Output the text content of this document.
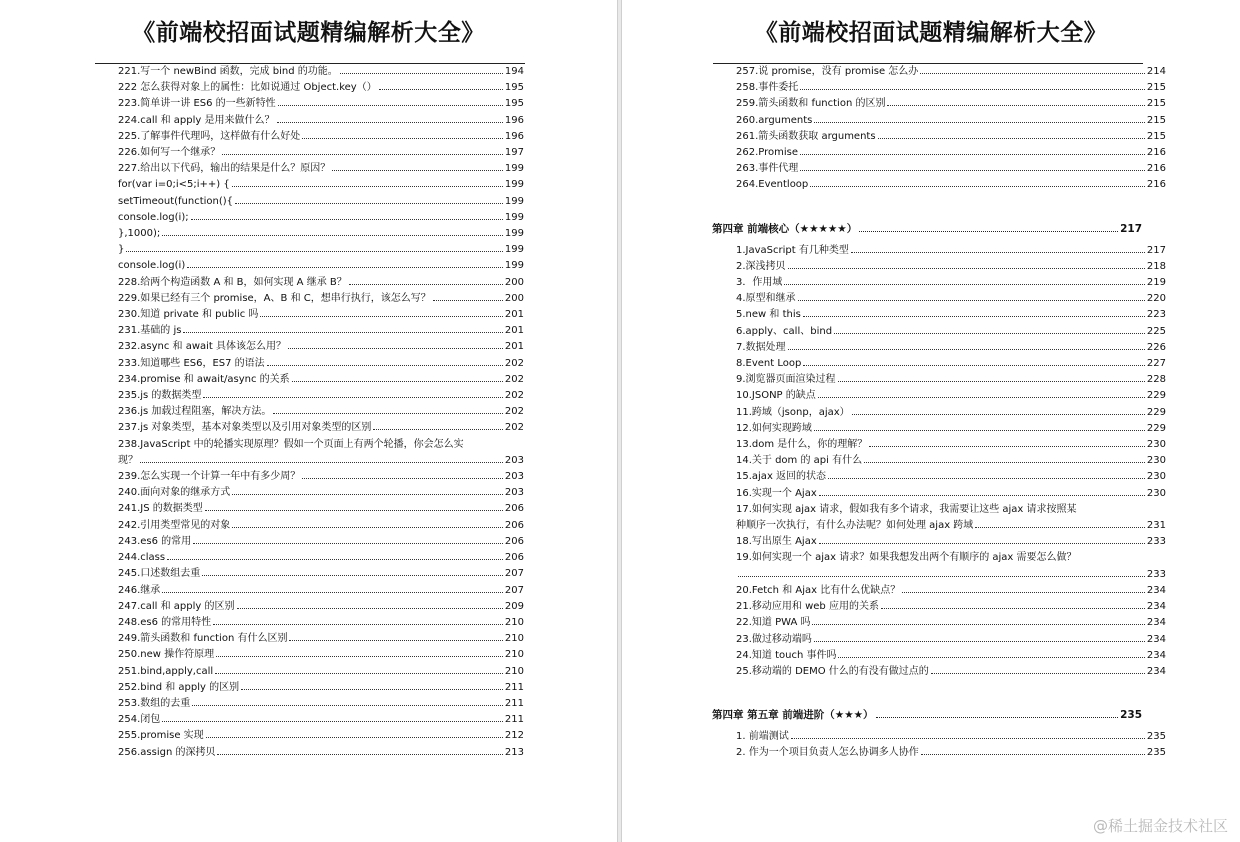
《前端校招面试题精编解析大全》
221.写一个 newBind 函数，完成 bind 的功能。	194
222 怎么获得对象上的属性：比如说通过 Object.key（）	195
223.简单讲一讲 ES6 的一些新特性	195
224.call 和 apply 是用来做什么？	196
225.了解事件代理吗，这样做有什么好处	196
226.如何写一个继承？	197
227.给出以下代码，输出的结果是什么？原因？	199
for(var i=0;i<5;i++) {	199
setTimeout(function(){	199
console.log(i);	199
},1000);	199
}	199
console.log(i)	199
228.给两个构造函数 A 和 B，如何实现 A 继承 B？	200
229.如果已经有三个 promise，A、B 和 C，想串行执行，该怎么写？	200
230.知道 private 和 public 吗	201
231.基础的 js	201
232.async 和 await 具体该怎么用？	201
233.知道哪些 ES6，ES7 的语法	202
234.promise 和 await/async 的关系	202
235.js 的数据类型	202
236.js 加载过程阻塞，解决方法。	202
237.js 对象类型，基本对象类型以及引用对象类型的区别	202
238.JavaScript 中的轮播实现原理？假如一个页面上有两个轮播，你会怎么实
现？	203
239.怎么实现一个计算一年中有多少周？	203
240.面向对象的继承方式	203
241.JS 的数据类型	206
242.引用类型常见的对象	206
243.es6 的常用	206
244.class	206
245.口述数组去重	207
246.继承	207
247.call 和 apply 的区别	209
248.es6 的常用特性	210
249.箭头函数和 function 有什么区别	210
250.new 操作符原理	210
251.bind,apply,call	210
252.bind 和 apply 的区别	211
253.数组的去重	211
254.闭包	211
255.promise 实现	212
256.assign 的深拷贝	213
《前端校招面试题精编解析大全》
257.说 promise，没有 promise 怎么办	214
258.事件委托	215
259.箭头函数和 function 的区别	215
260.arguments	215
261.箭头函数获取 arguments	215
262.Promise	216
263.事件代理	216
264.Eventloop	216
第四章 前端核心（★★★★★）	217
1.JavaScript 有几种类型	217
2.深浅拷贝	218
3．作用域	219
4.原型和继承	220
5.new 和 this	223
6.apply、call、bind	225
7.数据处理	226
8.Event Loop	227
9.浏览器页面渲染过程	228
10.JSONP 的缺点	229
11.跨域（jsonp，ajax）	229
12.如何实现跨域	229
13.dom 是什么，你的理解？	230
14.关于 dom 的 api 有什么	230
15.ajax 返回的状态	230
16.实现一个 Ajax	230
17.如何实现 ajax 请求，假如我有多个请求，我需要让这些 ajax 请求按照某
种顺序一次执行，有什么办法呢？如何处理 ajax 跨域	231
18.写出原生 Ajax	233
19.如何实现一个 ajax 请求？如果我想发出两个有顺序的 ajax 需要怎么做？
233
20.Fetch 和 Ajax 比有什么优缺点？	234
21.移动应用和 web 应用的关系	234
22.知道 PWA 吗	234
23.做过移动端吗	234
24.知道 touch 事件吗	234
25.移动端的 DEMO 什么的有没有做过点的	234
第四章 第五章 前端进阶（★★★）	235
1. 前端测试	235
2. 作为一个项目负责人怎么协调多人协作	235
@稀土掘金技术社区
